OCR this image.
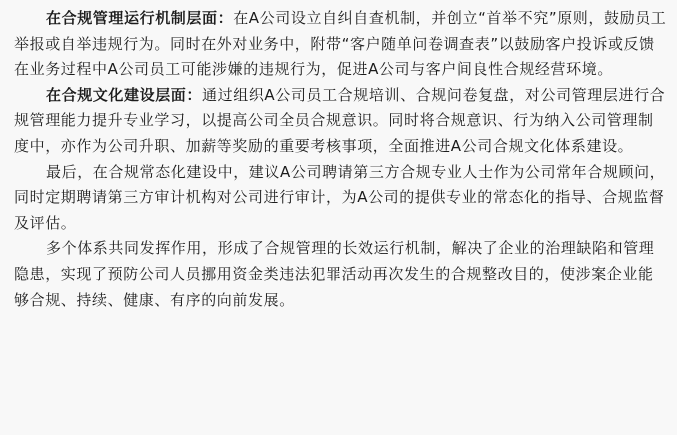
在合规管理运行机制层面：在A公司设立自纠自查机制，并创立“首举不究”原则，鼓励员工举报或自举违规行为。同时在外对业务中，附带“客户随单问卷调查表”以鼓励客户投诉或反馈在业务过程中A公司员工可能涉嫌的违规行为，促进A公司与客户间良性合规经营环境。

在合规文化建设层面：通过组织A公司员工合规培训、合规问卷复盘，对公司管理层进行合规管理能力提升专业学习，以提高公司全员合规意识。同时将合规意识、行为纳入公司管理制度中，亦作为公司升职、加薪等奖励的重要考核事项，全面推进A公司合规文化体系建设。

最后，在合规常态化建设中，建议A公司聘请第三方合规专业人士作为公司常年合规顾问，同时定期聘请第三方审计机构对公司进行审计，为A公司的提供专业的常态化的指导、合规监督及评估。

多个体系共同发挥作用，形成了合规管理的长效运行机制，解决了企业的治理缺陷和管理隐患，实现了预防公司人员挪用资金类违法犯罪活动再次发生的合规整改目的，使涉案企业能够合规、持续、健康、有序的向前发展。
